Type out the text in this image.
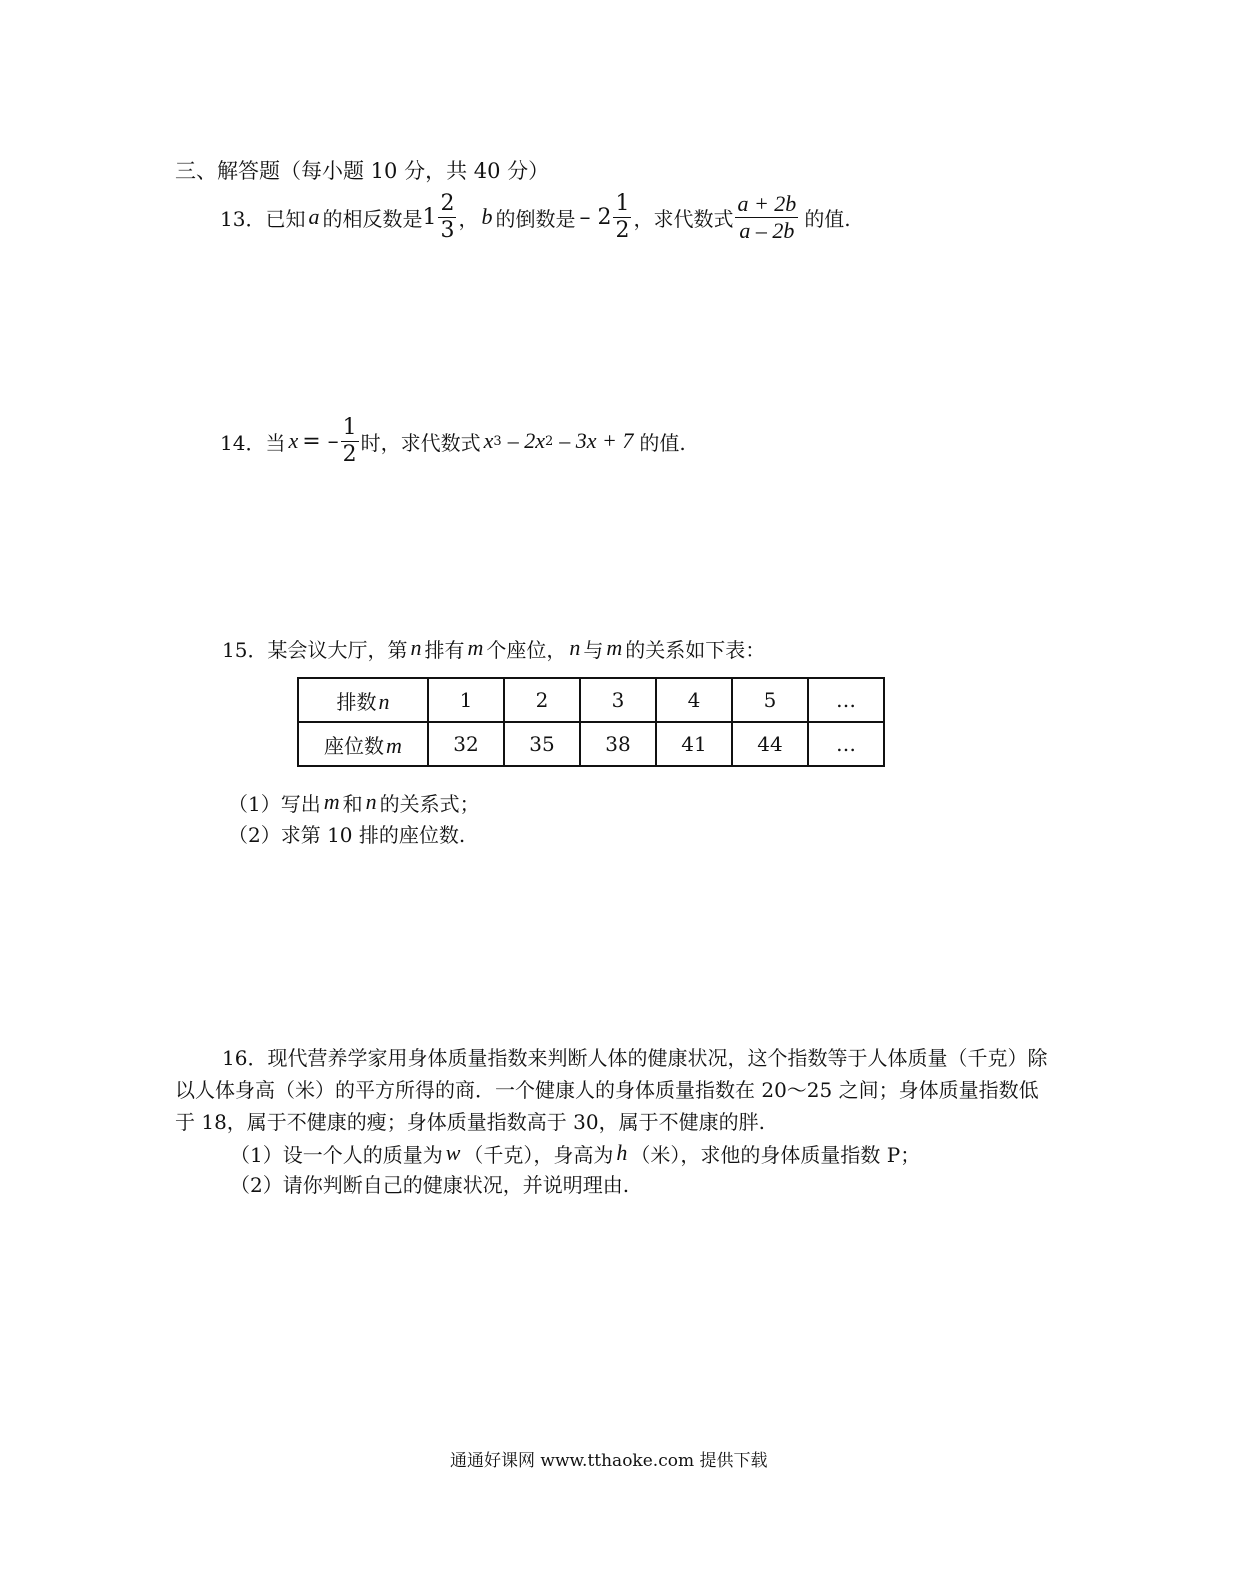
三、解答题（每小题 10 分，共 40 分）
13．已知 a 的相反数是 $1 \frac{2}{3}$ ， b 的倒数是 – $2 \frac{1}{2}$ ，求代数式 $\frac{a + 2b}{a - 2b}$ 的值.
14．当 x = – $\frac{1}{2}$ 时，求代数式 x 3 – 2x 2 – 3x + 7 的值.
15．某会议大厅，第 n 排有 m 个座位， n 与 m 的关系如下表：
排数n	1	2	3	4	5	…
座位数m	32	35	38	41	44	…
（1）写出 m 和 n 的关系式；
（2）求第 10 排的座位数.
16．现代营养学家用身体质量指数来判断人体的健康状况，这个指数等于人体质量（千克）除以人体身高（米）的平方所得的商．一个健康人的身体质量指数在 20～25 之间；身体质量指数低于 18，属于不健康的瘦；身体质量指数高于 30，属于不健康的胖.
（1）设一个人的质量为 w （千克），身高为 h （米），求他的身体质量指数 P；
（2）请你判断自己的健康状况，并说明理由.
通通好课网 www.tthaoke.com 提供下载
